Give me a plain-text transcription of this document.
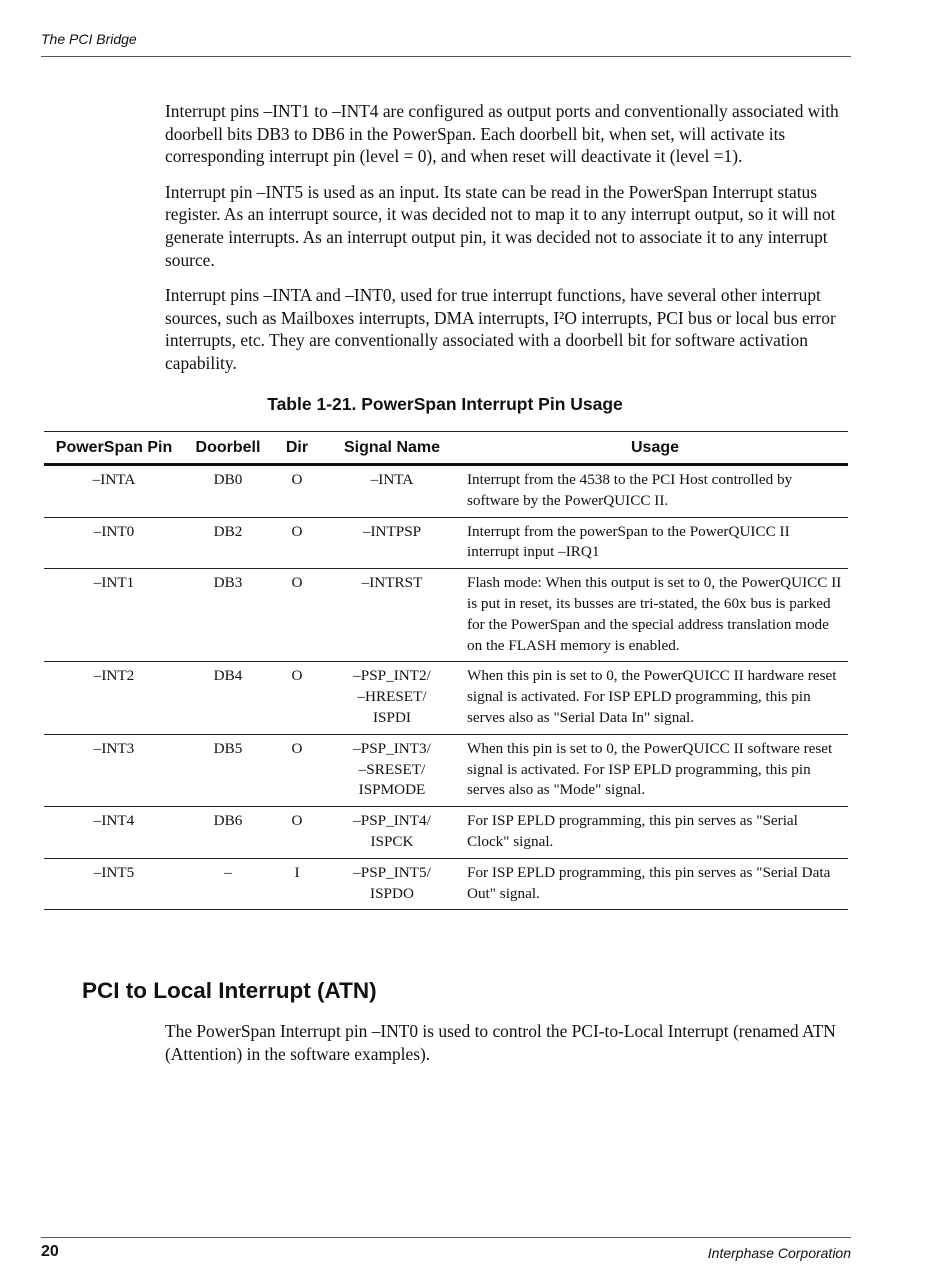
The PCI Bridge

Interrupt pins –INT1 to –INT4 are configured as output ports and conventionally associated with doorbell bits DB3 to DB6 in the PowerSpan. Each doorbell bit, when set, will activate its corresponding interrupt pin (level = 0), and when reset will deactivate it (level =1).

Interrupt pin –INT5 is used as an input. Its state can be read in the PowerSpan Interrupt status register. As an interrupt source, it was decided not to map it to any interrupt output, so it will not generate interrupts. As an interrupt output pin, it was decided not to associate it to any interrupt source.

Interrupt pins –INTA and –INT0, used for true interrupt functions, have several other interrupt sources, such as Mailboxes interrupts, DMA interrupts, I²O interrupts, PCI bus or local bus error interrupts, etc. They are conventionally associated with a doorbell bit for software activation capability.

Table 1-21. PowerSpan Interrupt Pin Usage
PowerSpan Pin	Doorbell	Dir	Signal Name	Usage
–INTA	DB0	O	–INTA	Interrupt from the 4538 to the PCI Host controlled by software by the PowerQUICC II.
–INT0	DB2	O	–INTPSP	Interrupt from the powerSpan to the PowerQUICC II interrupt input –IRQ1
–INT1	DB3	O	–INTRST	Flash mode: When this output is set to 0, the PowerQUICC II is put in reset, its busses are tri-stated, the 60x bus is parked for the PowerSpan and the special address translation mode on the FLASH memory is enabled.
–INT2	DB4	O	–PSP_INT2/
–HRESET/
ISPDI	When this pin is set to 0, the PowerQUICC II hardware reset signal is activated. For ISP EPLD programming, this pin serves also as "Serial Data In" signal.
–INT3	DB5	O	–PSP_INT3/
–SRESET/
ISPMODE	When this pin is set to 0, the PowerQUICC II software reset signal is activated. For ISP EPLD programming, this pin serves also as "Mode" signal.
–INT4	DB6	O	–PSP_INT4/
ISPCK	For ISP EPLD programming, this pin serves as "Serial Clock" signal.
–INT5	–	I	–PSP_INT5/
ISPDO	For ISP EPLD programming, this pin serves as "Serial Data Out" signal.
PCI to Local Interrupt (ATN)

The PowerSpan Interrupt pin –INT0 is used to control the PCI-to-Local Interrupt (renamed ATN (Attention) in the software examples).

20	Interphase Corporation
